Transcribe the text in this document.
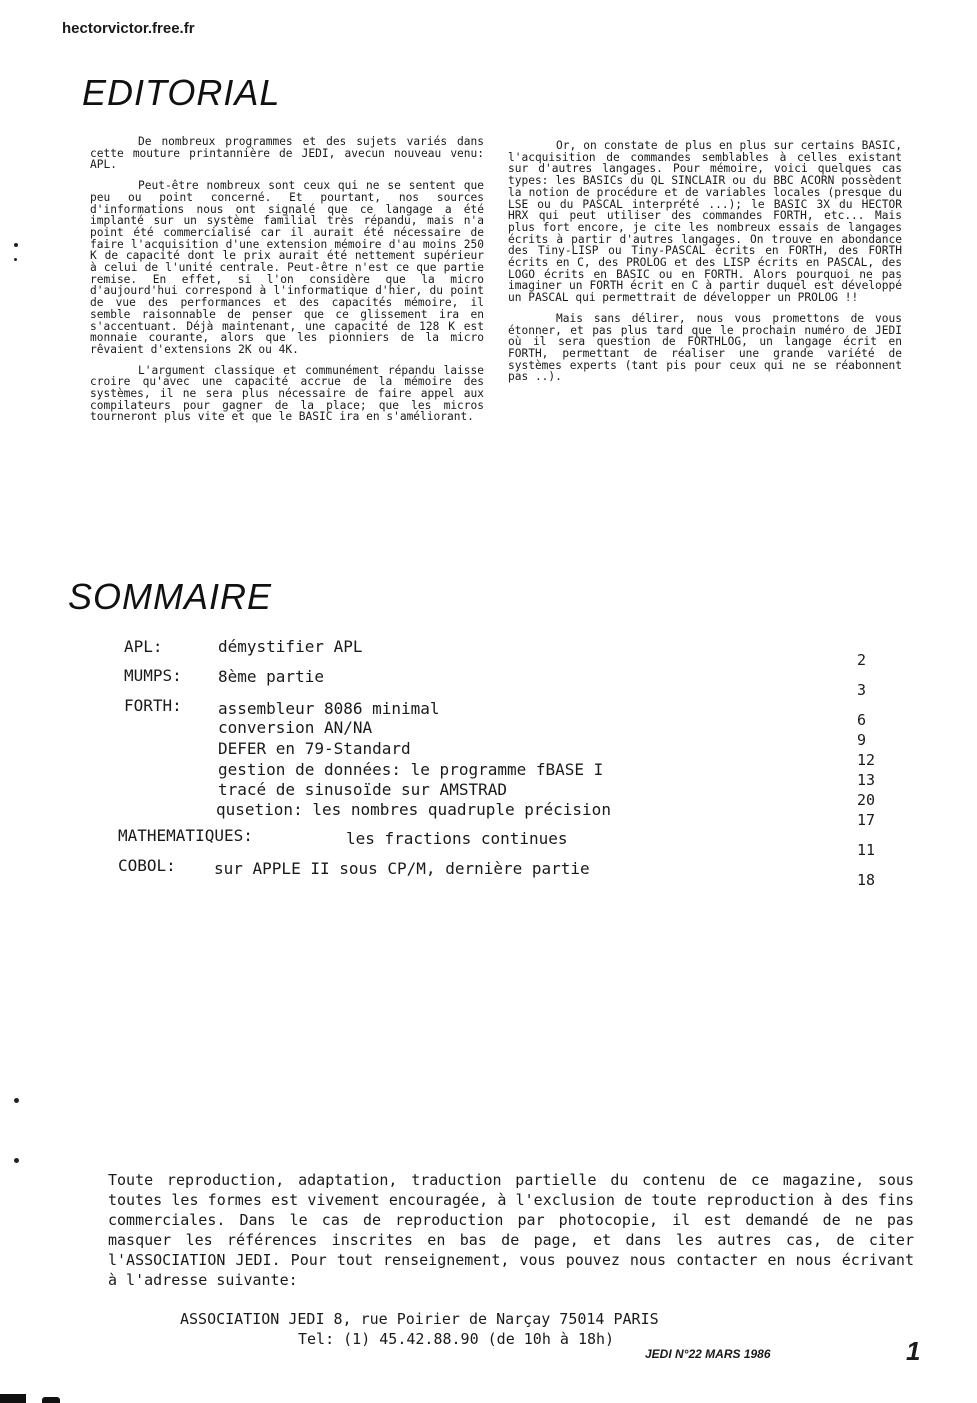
hectorvictor.free.fr
EDITORIAL

De nombreux programmes et des sujets variés dans cette mouture printannière de JEDI, avecun nouveau venu: APL.

Peut-être nombreux sont ceux qui ne se sentent que peu ou point concerné. Et pourtant, nos sources d'informations nous ont signalé que ce langage a été implanté sur un système familial très répandu, mais n'a point été commercialisé car il aurait été nécessaire de faire l'acquisition d'une extension mémoire d'au moins 250 K de capacité dont le prix aurait été nettement supérieur à celui de l'unité centrale. Peut-être n'est ce que partie remise. En effet, si l'on considère que la micro d'aujourd'hui correspond à l'informatique d'hier, du point de vue des performances et des capacités mémoire, il semble raisonnable de penser que ce glissement ira en s'accentuant. Déjà maintenant, une capacité de 128 K est monnaie courante, alors que les pionniers de la micro rêvaient d'extensions 2K ou 4K.

L'argument classique et communément répandu laisse croire qu'avec une capacité accrue de la mémoire des systèmes, il ne sera plus nécessaire de faire appel aux compilateurs pour gagner de la place; que les micros tourneront plus vite et que le BASIC ira en s'améliorant.

Or, on constate de plus en plus sur certains BASIC, l'acquisition de commandes semblables à celles existant sur d'autres langages. Pour mémoire, voici quelques cas types: les BASICs du QL SINCLAIR ou du BBC ACORN possèdent la notion de procédure et de variables locales (presque du LSE ou du PASCAL interprété ...); le BASIC 3X du HECTOR HRX qui peut utiliser des commandes FORTH, etc... Mais plus fort encore, je cite les nombreux essais de langages écrits à partir d'autres langages. On trouve en abondance des Tiny-LISP ou Tiny-PASCAL écrits en FORTH, des FORTH écrits en C, des PROLOG et des LISP écrits en PASCAL, des LOGO écrits en BASIC ou en FORTH. Alors pourquoi ne pas imaginer un FORTH écrit en C à partir duquel est développé un PASCAL qui permettrait de développer un PROLOG !!

Mais sans délirer, nous vous promettons de vous étonner, et pas plus tard que le prochain numéro de JEDI où il sera question de FORTHLOG, un langage écrit en FORTH, permettant de réaliser une grande variété de systèmes experts (tant pis pour ceux qui ne se réabonnent pas ..).

SOMMAIRE
APL:
MUMPS:
FORTH:
MATHEMATIQUES:
COBOL:
démystifier APL
8ème partie
assembleur 8086 minimal
conversion AN/NA
DEFER en 79-Standard
gestion de données: le programme fBASE I
tracé de sinusoïde sur AMSTRAD
qusetion: les nombres quadruple précision
les fractions continues
sur APPLE II sous CP/M, dernière partie
2
3
6
9
12
13
20
17
11
18

Toute reproduction, adaptation, traduction partielle du contenu de ce magazine, sous toutes les formes est vivement encouragée, à l'exclusion de toute reproduction à des fins commerciales. Dans le cas de reproduction par photocopie, il est demandé de ne pas masquer les références inscrites en bas de page, et dans les autres cas, de citer l'ASSOCIATION JEDI. Pour tout renseignement, vous pouvez nous contacter en nous écrivant à l'adresse suivante:

ASSOCIATION JEDI 8, rue Poirier de Narçay 75014 PARIS
Tel: (1) 45.42.88.90 (de 10h à 18h)
JEDI N°22 MARS 1986	1
